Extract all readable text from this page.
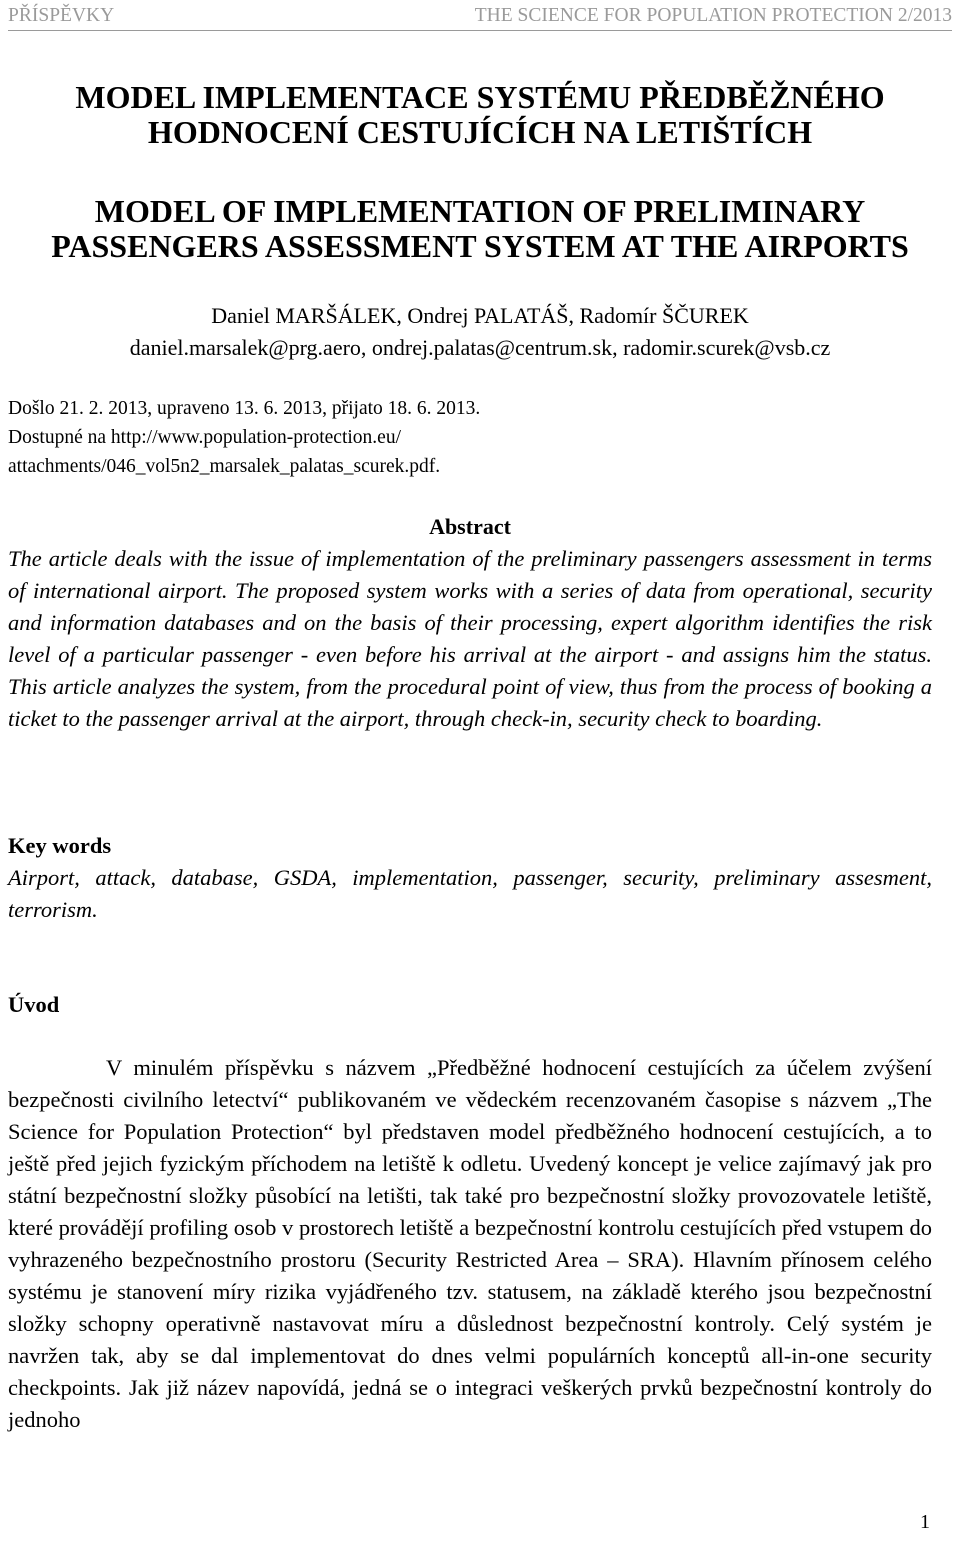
PŘÍSPĚVKY	THE SCIENCE FOR POPULATION PROTECTION 2/2013
MODEL IMPLEMENTACE SYSTÉMU PŘEDBĚŽNÉHO
HODNOCENÍ CESTUJÍCÍCH NA LETIŠTÍCH
MODEL OF IMPLEMENTATION OF PRELIMINARY
PASSENGERS ASSESSMENT SYSTEM AT THE AIRPORTS
Daniel MARŠÁLEK, Ondrej PALATÁŠ, Radomír ŠČUREK
daniel.marsalek@prg.aero, ondrej.palatas@centrum.sk, radomir.scurek@vsb.cz
Došlo 21. 2. 2013, upraveno 13. 6. 2013, přijato 18. 6. 2013.
Dostupné na http://www.population-protection.eu/
attachments/046_vol5n2_marsalek_palatas_scurek.pdf.
Abstract
The article deals with the issue of implementation of the preliminary passengers assessment in terms of international airport. The proposed system works with a series of data from operational, security and information databases and on the basis of their processing, expert algorithm identifies the risk level of a particular passenger - even before his arrival at the airport - and assigns him the status. This article analyzes the system, from the procedural point of view, thus from the process of booking a ticket to the passenger arrival at the airport, through check-in, security check to boarding.
Key words
Airport, attack, database, GSDA, implementation, passenger, security, preliminary assesment, terrorism.
Úvod

V minulém příspěvku s názvem „Předběžné hodnocení cestujících za účelem zvýšení bezpečnosti civilního letectví“ publikovaném ve vědeckém recenzovaném časopise s názvem „The Science for Population Protection“ byl představen model předběžného hodnocení cestujících, a to ještě před jejich fyzickým příchodem na letiště k odletu. Uvedený koncept je velice zajímavý jak pro státní bezpečnostní složky působící na letišti, tak také pro bezpečnostní složky provozovatele letiště, které provádějí profiling osob v prostorech letiště a bezpečnostní kontrolu cestujících před vstupem do vyhrazeného bezpečnostního prostoru (Security Restricted Area – SRA). Hlavním přínosem celého systému je stanovení míry rizika vyjádřeného tzv. statusem, na základě kterého jsou bezpečnostní složky schopny operativně nastavovat míru a důslednost bezpečnostní kontroly. Celý systém je navržen tak, aby se dal implementovat do dnes velmi populárních konceptů all-in-one security checkpoints. Jak již název napovídá, jedná se o integraci veškerých prvků bezpečnostní kontroly do jednoho

1
